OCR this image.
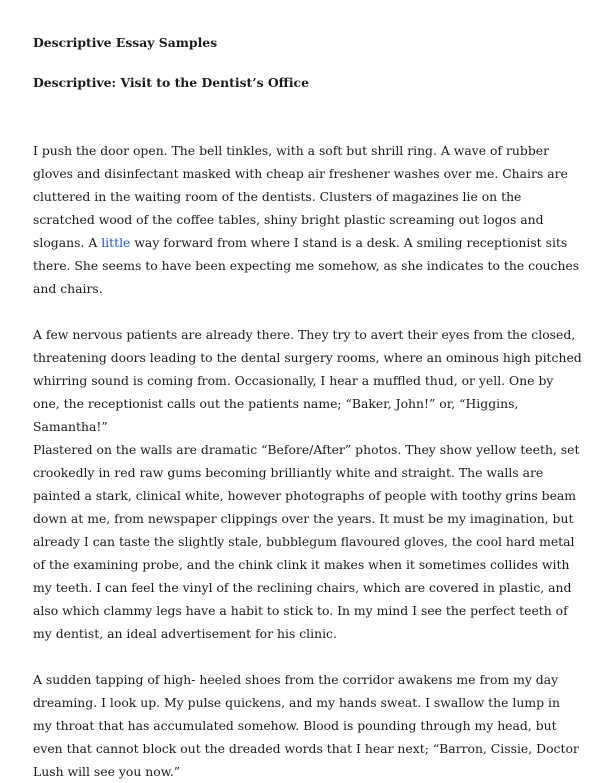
Descriptive Essay Samples
Descriptive: Visit to the Dentist’s Office

I push the door open. The bell tinkles, with a soft but shrill ring. A wave of rubber gloves and disinfectant masked with cheap air freshener washes over me. Chairs are cluttered in the waiting room of the dentists. Clusters of magazines lie on the scratched wood of the coffee tables, shiny bright plastic screaming out logos and slogans. A little way forward from where I stand is a desk. A smiling receptionist sits there. She seems to have been expecting me somehow, as she indicates to the couches and chairs.

A few nervous patients are already there. They try to avert their eyes from the closed, threatening doors leading to the dental surgery rooms, where an ominous high pitched whirring sound is coming from. Occasionally, I hear a muffled thud, or yell. One by one, the receptionist calls out the patients name; “Baker, John!” or, “Higgins, Samantha!”

Plastered on the walls are dramatic “Before/After” photos. They show yellow teeth, set crookedly in red raw gums becoming brilliantly white and straight. The walls are painted a stark, clinical white, however photographs of people with toothy grins beam down at me, from newspaper clippings over the years. It must be my imagination, but already I can taste the slightly stale, bubblegum flavoured gloves, the cool hard metal of the examining probe, and the chink clink it makes when it sometimes collides with my teeth. I can feel the vinyl of the reclining chairs, which are covered in plastic, and also which clammy legs have a habit to stick to. In my mind I see the perfect teeth of my dentist, an ideal advertisement for his clinic.

A sudden tapping of high- heeled shoes from the corridor awakens me from my day dreaming. I look up. My pulse quickens, and my hands sweat. I swallow the lump in my throat that has accumulated somehow. Blood is pounding through my head, but even that cannot block out the dreaded words that I hear next; “Barron, Cissie, Doctor Lush will see you now.”
